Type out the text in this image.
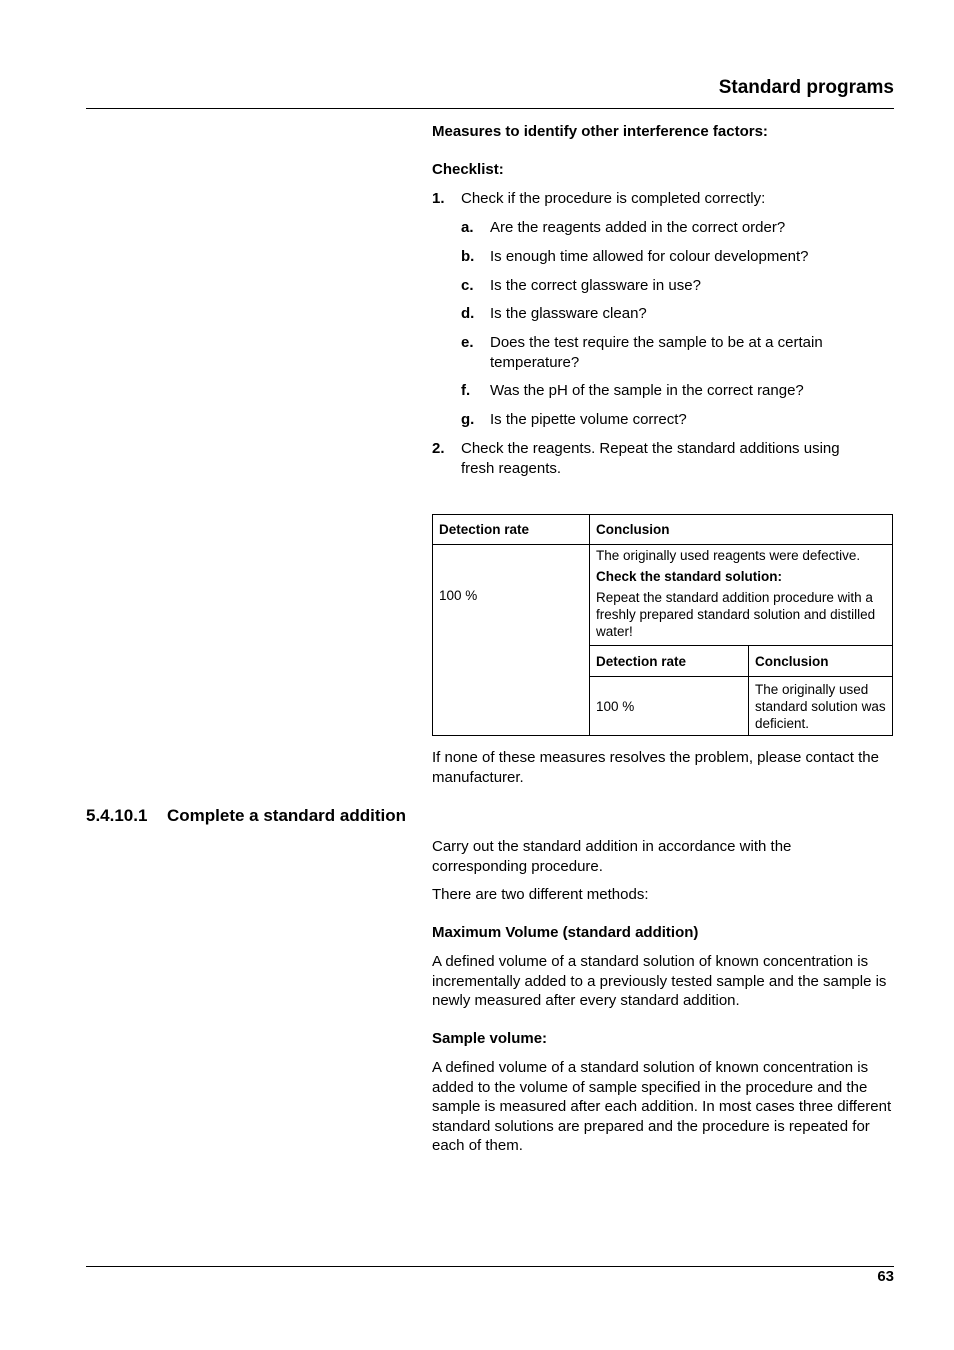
Standard programs
Measures to identify other interference factors:
Checklist:
1. Check if the procedure is completed correctly:
a. Are the reagents added in the correct order?
b. Is enough time allowed for colour development?
c. Is the correct glassware in use?
d. Is the glassware clean?
e. Does the test require the sample to be at a certain temperature?
f. Was the pH of the sample in the correct range?
g. Is the pipette volume correct?
2. Check the reagents. Repeat the standard additions using fresh reagents.
Detection rate	Conclusion	
100 %	The originally used reagents were defective.
Check the standard solution:
Repeat the standard addition procedure with a freshly prepared standard solution and distilled water!	

	Detection rate	Conclusion
	100 %	The originally used standard solution was deficient.
If none of these measures resolves the problem, please contact the manufacturer.
5.4.10.1 Complete a standard addition
Carry out the standard addition in accordance with the corresponding procedure.
There are two different methods:
Maximum Volume (standard addition)
A defined volume of a standard solution of known concentration is incrementally added to a previously tested sample and the sample is newly measured after every standard addition.
Sample volume:
A defined volume of a standard solution of known concentration is added to the volume of sample specified in the procedure and the sample is measured after each addition. In most cases three different standard solutions are prepared and the procedure is repeated for each of them.
63
